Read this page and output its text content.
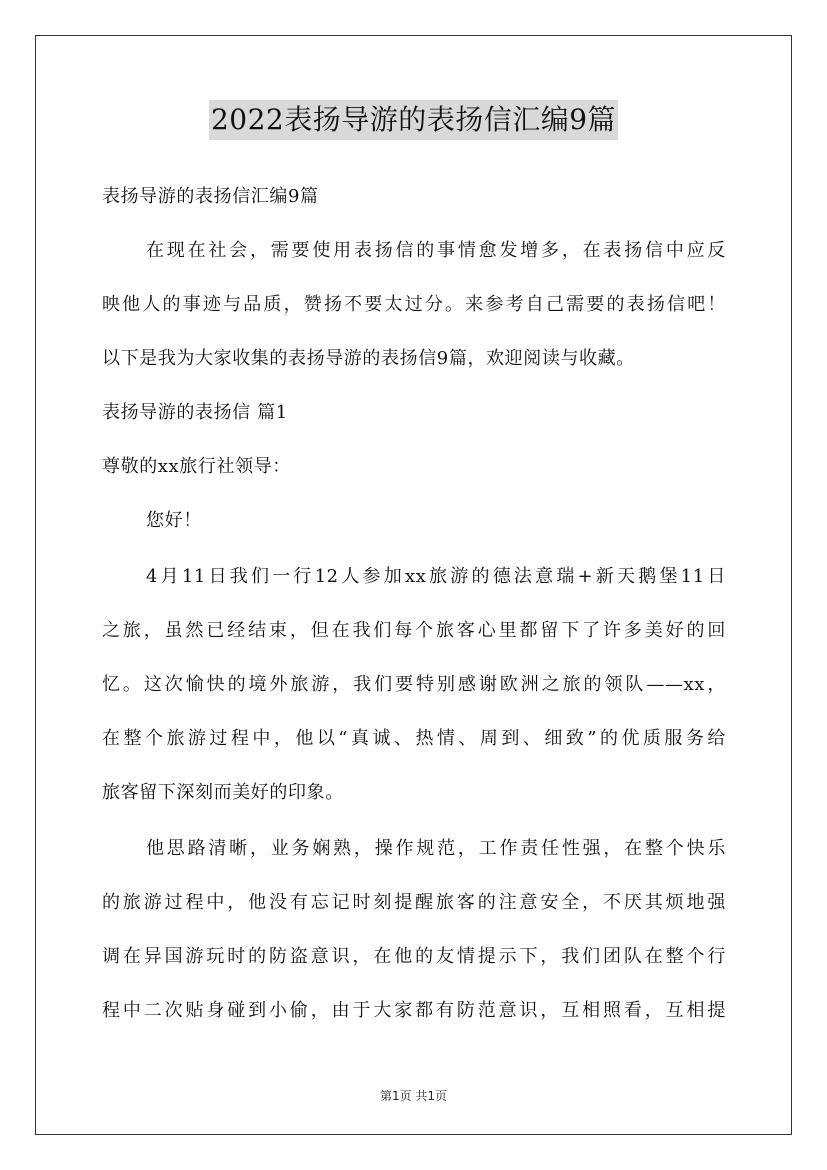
2022表扬导游的表扬信汇编9篇
表扬导游的表扬信汇编9篇
在现在社会，需要使用表扬信的事情愈发增多，在表扬信中应反
映他人的事迹与品质，赞扬不要太过分。来参考自己需要的表扬信吧！
以下是我为大家收集的表扬导游的表扬信9篇，欢迎阅读与收藏。
表扬导游的表扬信 篇1
尊敬的xx旅行社领导：
您好！
4月11日我们一行12人参加xx旅游的德法意瑞+新天鹅堡11日
之旅，虽然已经结束，但在我们每个旅客心里都留下了许多美好的回
忆。这次愉快的境外旅游，我们要特别感谢欧洲之旅的领队——xx，
在整个旅游过程中，他以“真诚、热情、周到、细致”的优质服务给
旅客留下深刻而美好的印象。
他思路清晰，业务娴熟，操作规范，工作责任性强，在整个快乐
的旅游过程中，他没有忘记时刻提醒旅客的注意安全，不厌其烦地强
调在异国游玩时的防盗意识，在他的友情提示下，我们团队在整个行
程中二次贴身碰到小偷，由于大家都有防范意识，互相照看，互相提
第1页 共1页
